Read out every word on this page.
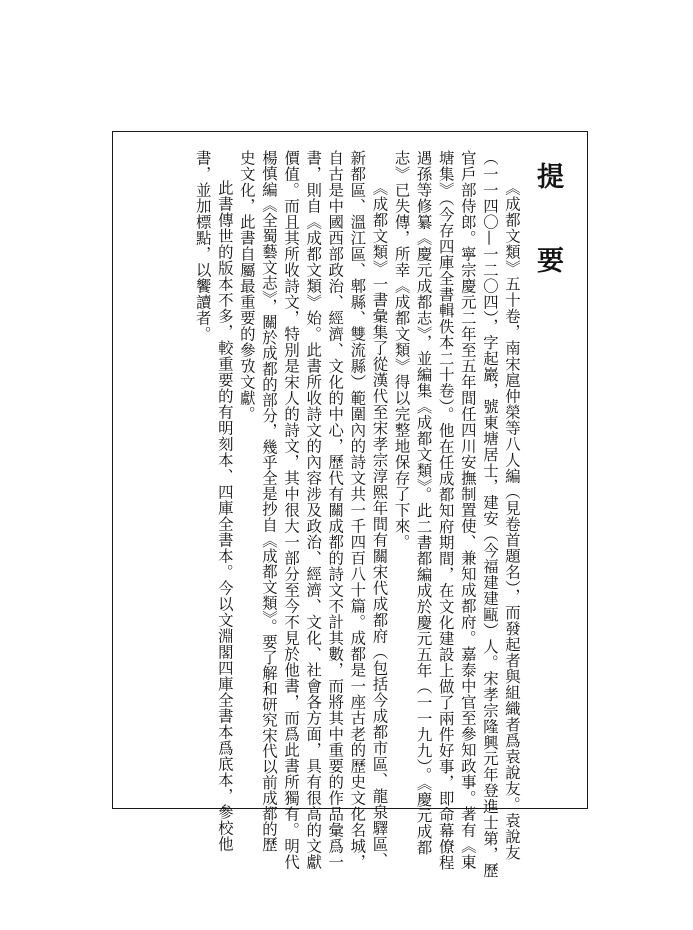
提　要
《成都文類》五十卷，南宋扈仲榮等八人編（見卷首題名），而發起者與組織者爲袁說友。袁說友
（一一四〇—一二〇四），字起巖，號東塘居士，建安（今福建建甌）人。宋孝宗隆興元年登進士第，歷
官戶部侍郎。寧宗慶元二年至五年間任四川安撫制置使、兼知成都府。嘉泰中官至參知政事。著有《東
塘集》（今存四庫全書輯佚本二十卷）。他在任成都知府期間，在文化建設上做了兩件好事，即命幕僚程
遇孫等修纂《慶元成都志》，並編集《成都文類》。此二書都編成於慶元五年（一一九九）。《慶元成都
志》已失傳，所幸《成都文類》得以完整地保存了下來。
《成都文類》一書彙集了從漢代至宋孝宗淳熙年間有關宋代成都府（包括今成都市區、龍泉驛區、
新都區、溫江區、郫縣、雙流縣）範圍內的詩文共一千四百八十篇。成都是一座古老的歷史文化名城，
自古是中國西部政治、經濟、文化的中心，歷代有關成都的詩文不計其數，而將其中重要的作品彙爲一
書，則自《成都文類》始。此書所收詩文的內容涉及政治、經濟、文化、社會各方面，具有很高的文獻
價值。而且其所收詩文，特別是宋人的詩文，其中很大一部分至今不見於他書，而爲此書所獨有。明代
楊慎編《全蜀藝文志》，關於成都的部分，幾乎全是抄自《成都文類》。要了解和研究宋代以前成都的歷
史文化，此書自屬最重要的參攷文獻。
此書傳世的版本不多，較重要的有明刻本、四庫全書本。今以文淵閣四庫全書本爲底本，參校他
書，並加標點，以饗讀者。
